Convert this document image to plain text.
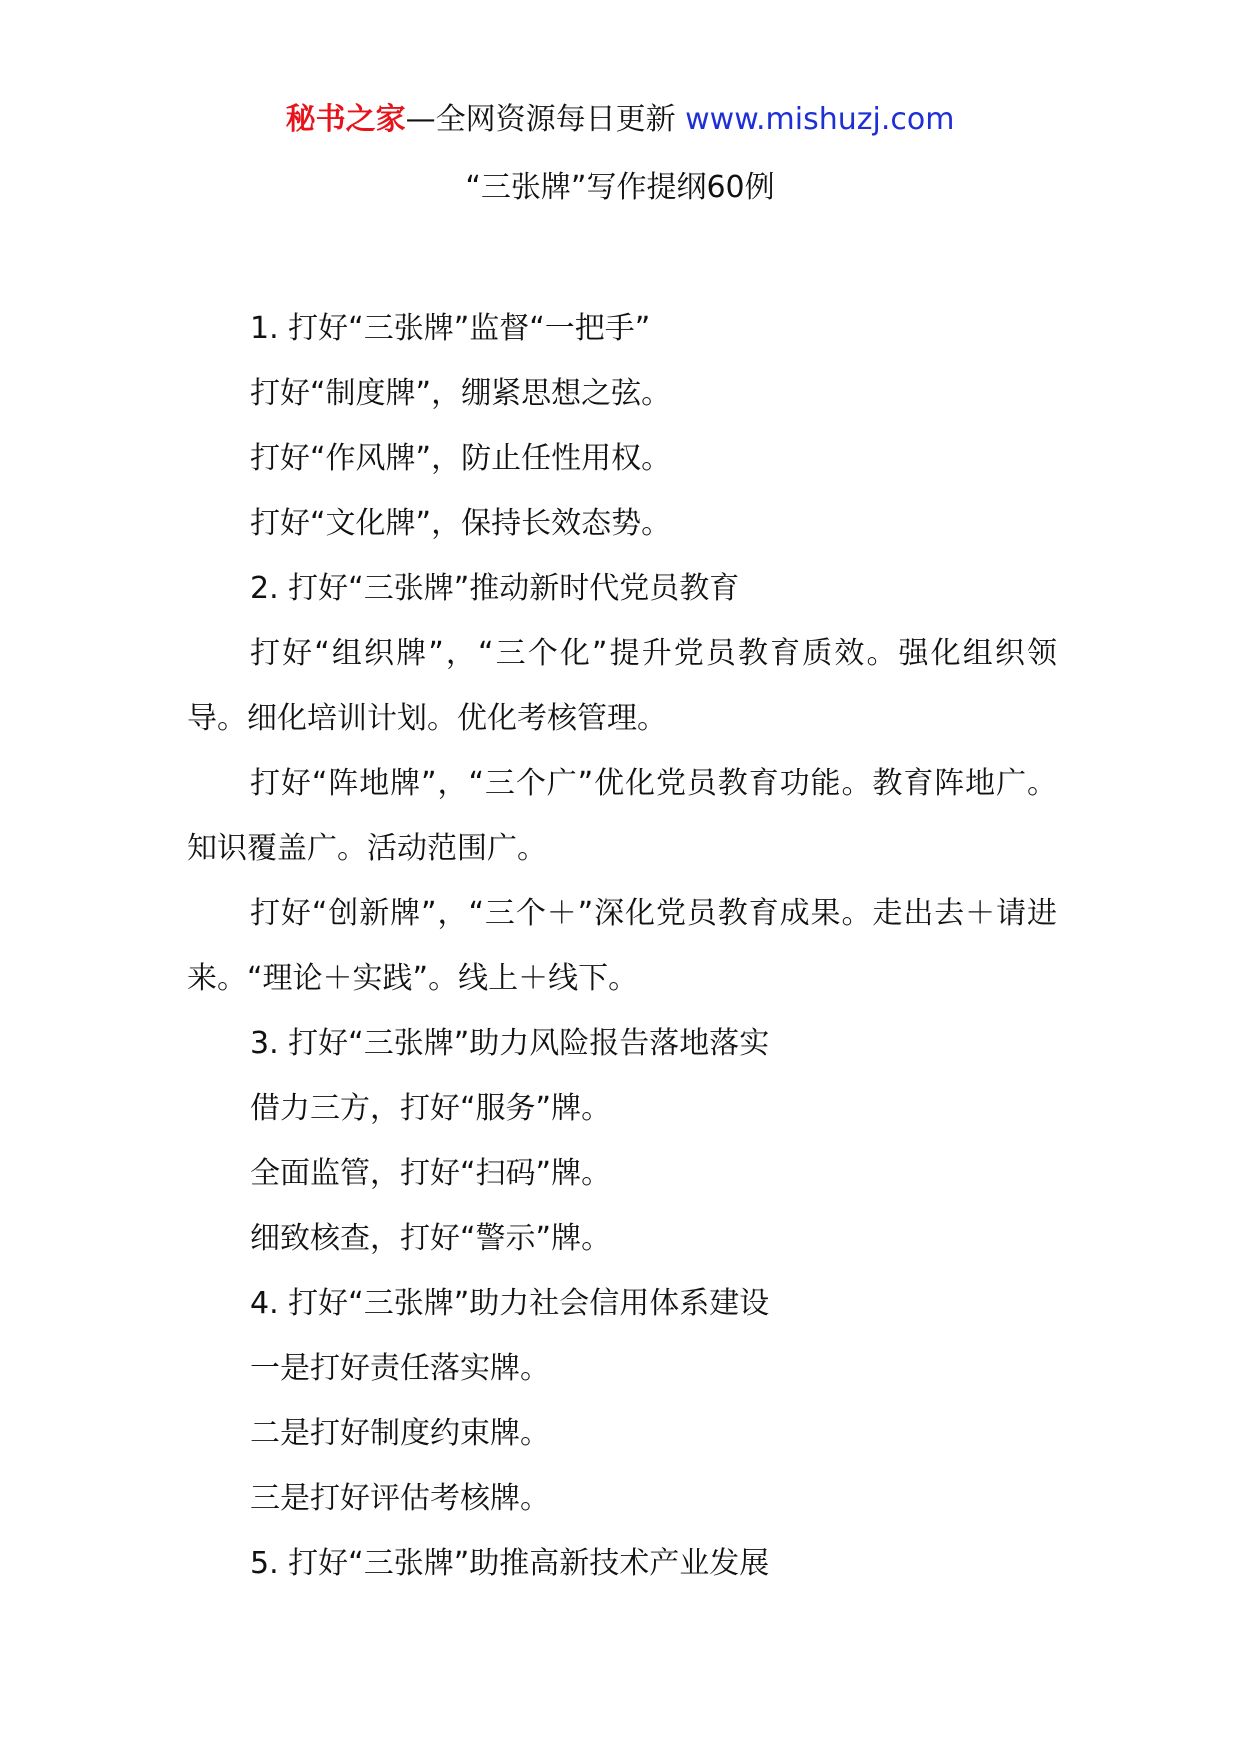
秘书之家—全网资源每日更新 www.mishuzj.com
“三张牌”写作提纲60例

1. 打好“三张牌”监督“一把手”

打好“制度牌”，绷紧思想之弦。

打好“作风牌”，防止任性用权。

打好“文化牌”，保持长效态势。

2. 打好“三张牌”推动新时代党员教育

打好“组织牌”，“三个化”提升党员教育质效。强化组织领导。细化培训计划。优化考核管理。

打好“阵地牌”，“三个广”优化党员教育功能。教育阵地广。知识覆盖广。活动范围广。

打好“创新牌”，“三个＋”深化党员教育成果。走出去＋请进来。“理论＋实践”。线上＋线下。

3. 打好“三张牌”助力风险报告落地落实

借力三方，打好“服务”牌。

全面监管，打好“扫码”牌。

细致核查，打好“警示”牌。

4. 打好“三张牌”助力社会信用体系建设

一是打好责任落实牌。

二是打好制度约束牌。

三是打好评估考核牌。

5. 打好“三张牌”助推高新技术产业发展
